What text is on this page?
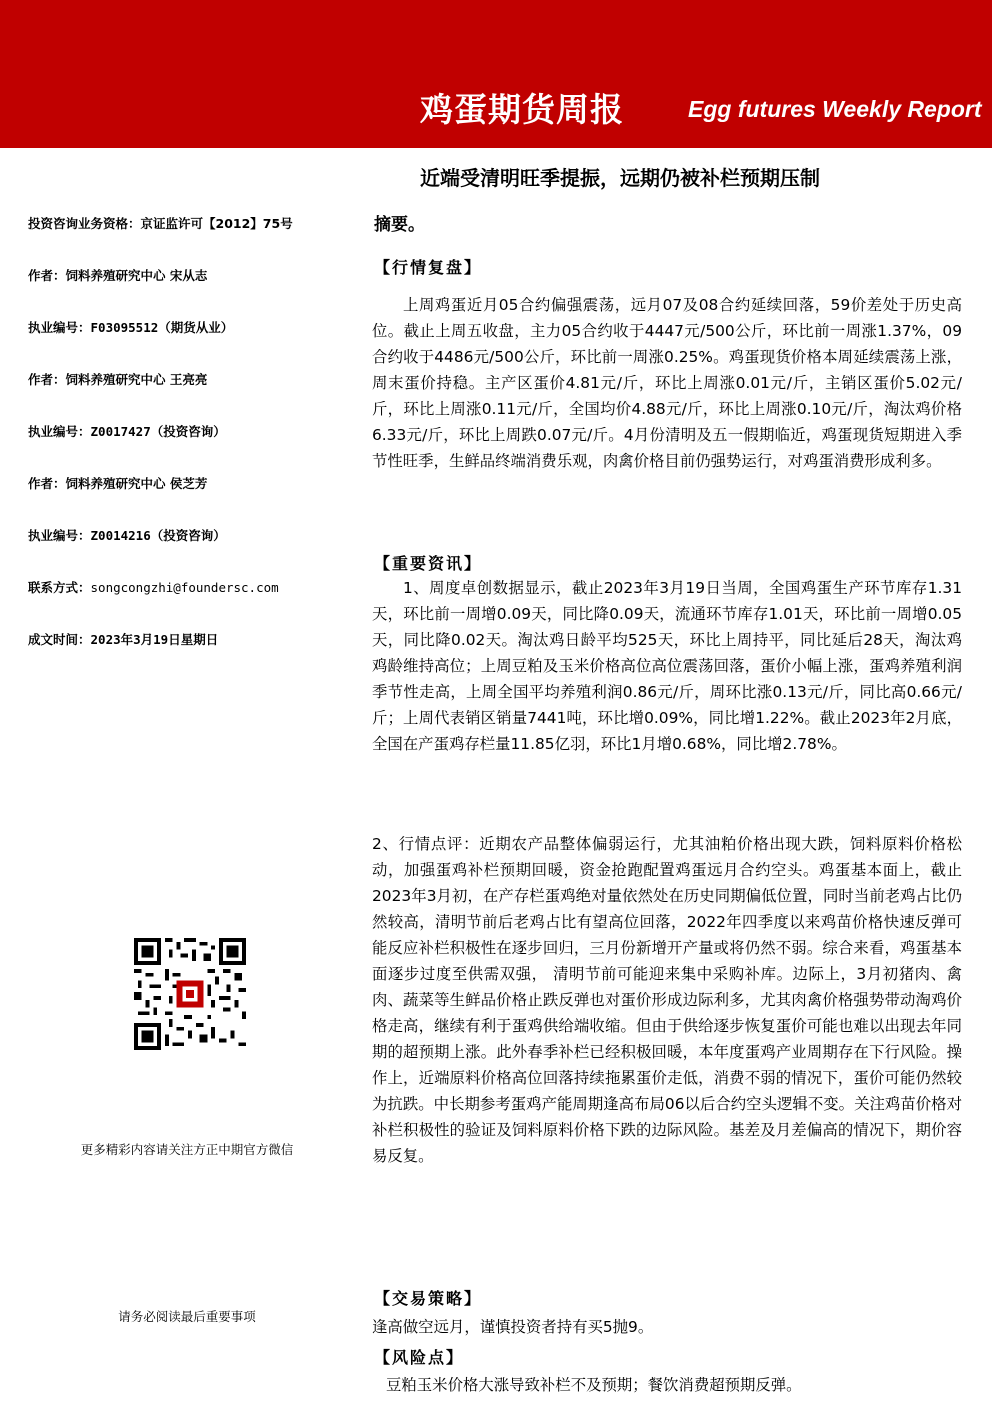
鸡蛋期货周报	Egg futures Weekly Report
近端受清明旺季提振，远期仍被补栏预期压制
投资咨询业务资格：京证监许可【2012】75号
作者：饲料养殖研究中心 宋从志
执业编号：F03095512（期货从业）
作者：饲料养殖研究中心 王亮亮
执业编号：Z0017427（投资咨询）
作者：饲料养殖研究中心 侯芝芳
执业编号：Z0014216（投资咨询）
联系方式：songcongzhi@foundersc.com
成文时间：2023年3月19日星期日
更多精彩内容请关注方正中期官方微信
请务必阅读最后重要事项
摘要。
【行情复盘】
上周鸡蛋近月05合约偏强震荡，远月07及08合约延续回落，59价差处于历史高位。截止上周五收盘，主力05合约收于4447元/500公斤，环比前一周涨1.37%，09合约收于4486元/500公斤，环比前一周涨0.25%。鸡蛋现货价格本周延续震荡上涨，周末蛋价持稳。主产区蛋价4.81元/斤，环比上周涨0.01元/斤，主销区蛋价5.02元/斤，环比上周涨0.11元/斤，全国均价4.88元/斤，环比上周涨0.10元/斤，淘汰鸡价格6.33元/斤，环比上周跌0.07元/斤。4月份清明及五一假期临近，鸡蛋现货短期进入季节性旺季，生鲜品终端消费乐观，肉禽价格目前仍强势运行，对鸡蛋消费形成利多。
【重要资讯】
1、周度卓创数据显示，截止2023年3月19日当周，全国鸡蛋生产环节库存1.31天，环比前一周增0.09天，同比降0.09天，流通环节库存1.01天，环比前一周增0.05天，同比降0.02天。淘汰鸡日龄平均525天，环比上周持平，同比延后28天，淘汰鸡鸡龄维持高位；上周豆粕及玉米价格高位高位震荡回落，蛋价小幅上涨，蛋鸡养殖利润季节性走高，上周全国平均养殖利润0.86元/斤，周环比涨0.13元/斤，同比高0.66元/斤；上周代表销区销量7441吨，环比增0.09%，同比增1.22%。截止2023年2月底，全国在产蛋鸡存栏量11.85亿羽，环比1月增0.68%，同比增2.78%。
2、行情点评：近期农产品整体偏弱运行，尤其油粕价格出现大跌，饲料原料价格松动，加强蛋鸡补栏预期回暖，资金抢跑配置鸡蛋远月合约空头。鸡蛋基本面上，截止2023年3月初，在产存栏蛋鸡绝对量依然处在历史同期偏低位置，同时当前老鸡占比仍然较高，清明节前后老鸡占比有望高位回落，2022年四季度以来鸡苗价格快速反弹可能反应补栏积极性在逐步回归，三月份新增开产量或将仍然不弱。综合来看，鸡蛋基本面逐步过度至供需双强， 清明节前可能迎来集中采购补库。边际上，3月初猪肉、禽肉、蔬菜等生鲜品价格止跌反弹也对蛋价形成边际利多，尤其肉禽价格强势带动淘鸡价格走高，继续有利于蛋鸡供给端收缩。但由于供给逐步恢复蛋价可能也难以出现去年同期的超预期上涨。此外春季补栏已经积极回暖，本年度蛋鸡产业周期存在下行风险。操作上，近端原料价格高位回落持续拖累蛋价走低，消费不弱的情况下，蛋价可能仍然较为抗跌。中长期参考蛋鸡产能周期逢高布局06以后合约空头逻辑不变。关注鸡苗价格对补栏积极性的验证及饲料原料价格下跌的边际风险。基差及月差偏高的情况下，期价容易反复。
【交易策略】
逢高做空远月，谨慎投资者持有买5抛9。
【风险点】
豆粕玉米价格大涨导致补栏不及预期；餐饮消费超预期反弹。
